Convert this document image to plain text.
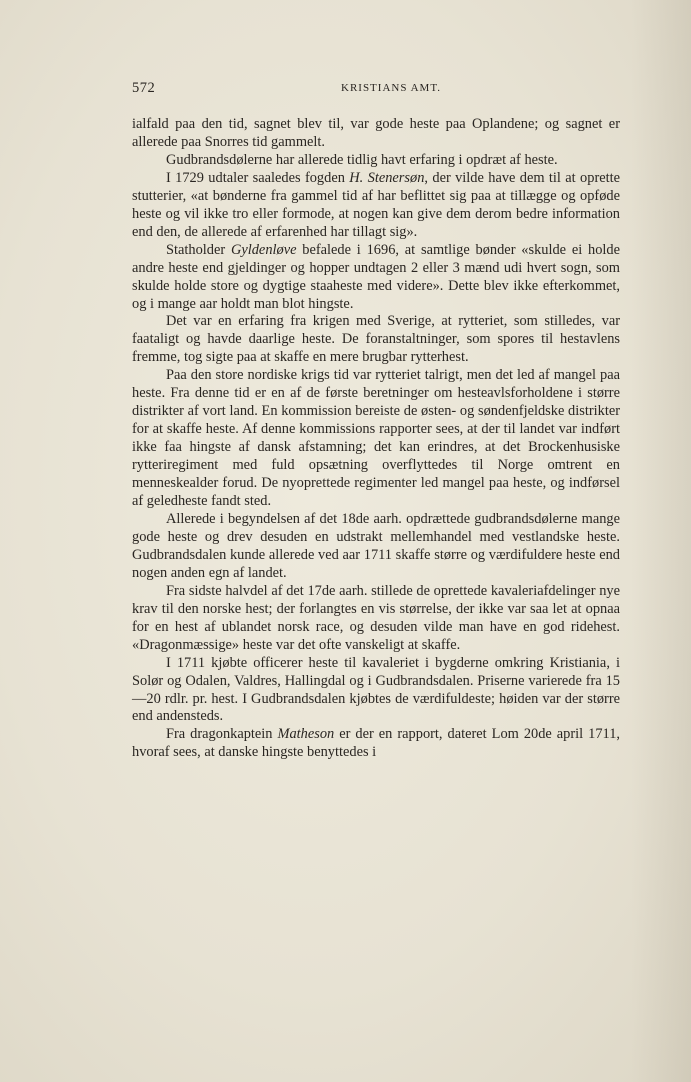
572	KRISTIANS AMT.

ialfald paa den tid, sagnet blev til, var gode heste paa Oplandene; og sagnet er allerede paa Snorres tid gammelt.

Gudbrandsdølerne har allerede tidlig havt erfaring i opdræt af heste.

I 1729 udtaler saaledes fogden H. Stenersøn, der vilde have dem til at oprette stutterier, «at bønderne fra gammel tid af har beflittet sig paa at tillægge og opføde heste og vil ikke tro eller formode, at nogen kan give dem derom bedre information end den, de allerede af erfarenhed har tillagt sig».

Statholder Gyldenløve befalede i 1696, at samtlige bønder «skulde ei holde andre heste end gjeldinger og hopper undtagen 2 eller 3 mænd udi hvert sogn, som skulde holde store og dygtige staaheste med videre». Dette blev ikke efterkommet, og i mange aar holdt man blot hingste.

Det var en erfaring fra krigen med Sverige, at rytteriet, som stilledes, var faataligt og havde daarlige heste. De foranstaltninger, som spores til hestavlens fremme, tog sigte paa at skaffe en mere brugbar rytterhest.

Paa den store nordiske krigs tid var rytteriet talrigt, men det led af mangel paa heste. Fra denne tid er en af de første beretninger om hesteavlsforholdene i større distrikter af vort land. En kommission bereiste de østen- og søndenfjeldske distrikter for at skaffe heste. Af denne kommissions rapporter sees, at der til landet var indført ikke faa hingste af dansk afstamning; det kan erindres, at det Brockenhusiske rytteriregiment med fuld opsætning overflyttedes til Norge omtrent en menneskealder forud. De nyoprettede regimenter led mangel paa heste, og indførsel af geledheste fandt sted.

Allerede i begyndelsen af det 18de aarh. opdrættede gudbrandsdølerne mange gode heste og drev desuden en udstrakt mellemhandel med vestlandske heste. Gudbrandsdalen kunde allerede ved aar 1711 skaffe større og værdifuldere heste end nogen anden egn af landet.

Fra sidste halvdel af det 17de aarh. stillede de oprettede kavaleriafdelinger nye krav til den norske hest; der forlangtes en vis størrelse, der ikke var saa let at opnaa for en hest af ublandet norsk race, og desuden vilde man have en god ridehest. «Dragonmæssige» heste var det ofte vanskeligt at skaffe.

I 1711 kjøbte officerer heste til kavaleriet i bygderne omkring Kristiania, i Solør og Odalen, Valdres, Hallingdal og i Gudbrandsdalen. Priserne varierede fra 15—20 rdlr. pr. hest. I Gudbrandsdalen kjøbtes de værdifuldeste; høiden var der større end andensteds.

Fra dragonkaptein Matheson er der en rapport, dateret Lom 20de april 1711, hvoraf sees, at danske hingste benyttedes i
